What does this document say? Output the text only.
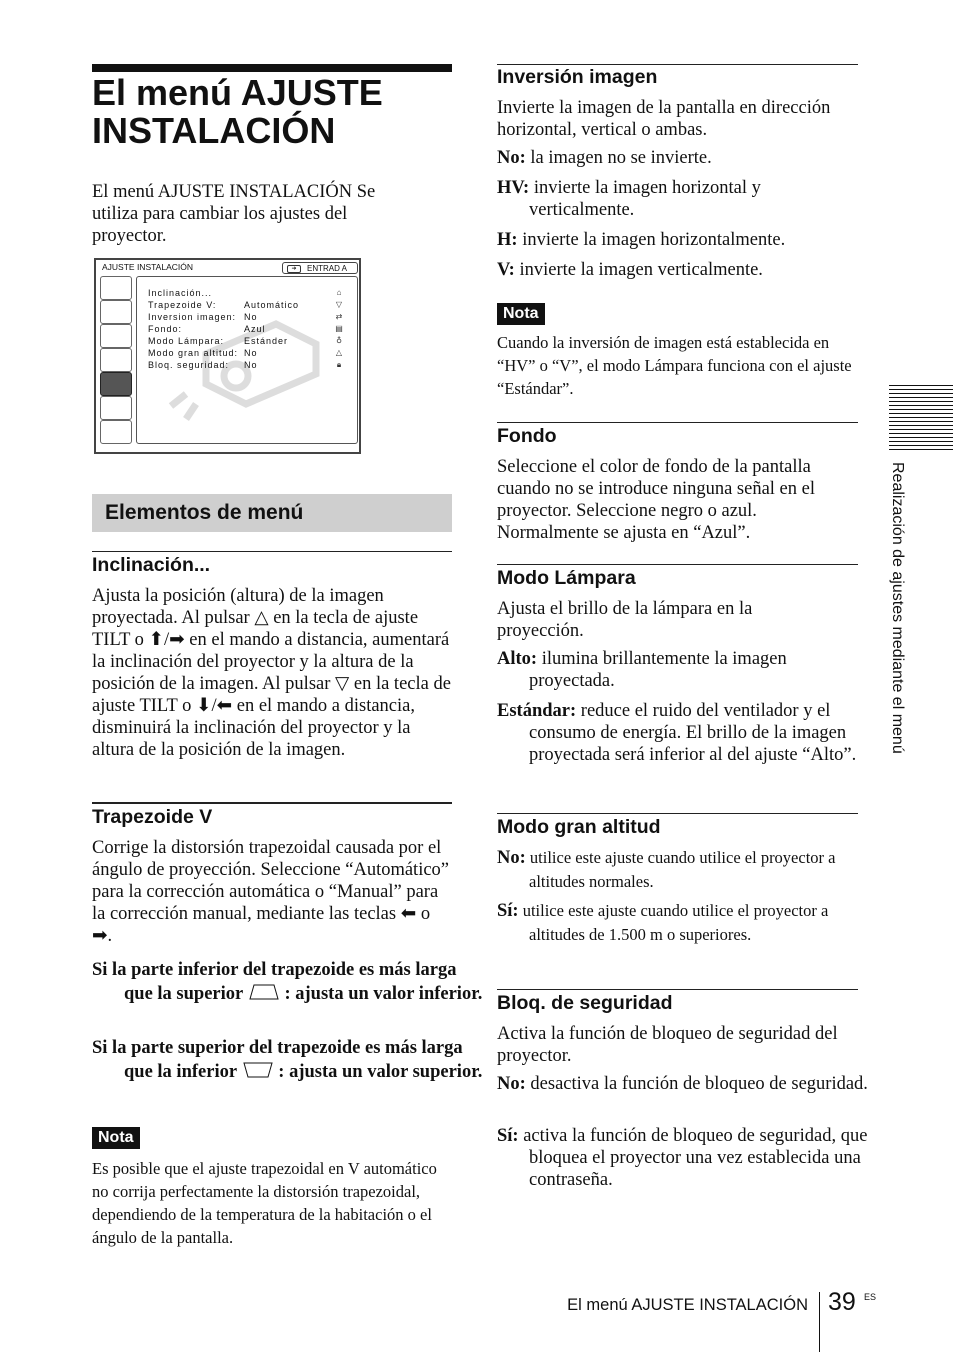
El menú AJUSTE
INSTALACIÓN

El menú AJUSTE INSTALACIÓN Se utiliza para cambiar los ajustes del proyector.

AJUSTE INSTALACIÓN	➜	ENTRAD A
Inclinación...
Trapezoide V:
Inversion imagen:
Fondo:
Modo Lámpara:
Modo gran altitud:
Bloq. seguridad:
Automático
No
Azul
Estánder
No
No
⌂
▽
⇄
▤
♁
△
🔒︎
Elementos de menú
Inclinación...

Ajusta la posición (altura) de la imagen proyectada. Al pulsar △ en la tecla de ajuste TILT o ⬆/➡ en el mando a distancia, aumentará la inclinación del proyector y la altura de la posición de la imagen. Al pulsar ▽ en la tecla de ajuste TILT o ⬇/⬅ en el mando a distancia, disminuirá la inclinación del proyector y la altura de la posición de la imagen.

Trapezoide V

Corrige la distorsión trapezoidal causada por el ángulo de proyección. Seleccione “Automático” para la corrección automática o “Manual” para la corrección manual, mediante las teclas ⬅ o ➡.

Si la parte inferior del trapezoide es más larga que la superior : ajusta un valor inferior.
Si la parte superior del trapezoide es más larga que la inferior : ajusta un valor superior.
Nota

Es posible que el ajuste trapezoidal en V automático no corrija perfectamente la distorsión trapezoidal, dependiendo de la temperatura de la habitación o el ángulo de la pantalla.

Inversión imagen

Invierte la imagen de la pantalla en dirección horizontal, vertical o ambas.

No: la imagen no se invierte.
HV: invierte la imagen horizontal y verticalmente.
H: invierte la imagen horizontalmente.
V: invierte la imagen verticalmente.
Nota

Cuando la inversión de imagen está establecida en “HV” o “V”, el modo Lámpara funciona con el ajuste “Estándar”.

Fondo

Seleccione el color de fondo de la pantalla cuando no se introduce ninguna señal en el proyector. Seleccione negro o azul. Normalmente se ajusta en “Azul”.

Modo Lámpara

Ajusta el brillo de la lámpara en la proyección.

Alto: ilumina brillantemente la imagen proyectada.
Estándar: reduce el ruido del ventilador y el consumo de energía. El brillo de la imagen proyectada será inferior al del ajuste “Alto”.
Modo gran altitud
No: utilice este ajuste cuando utilice el proyector a altitudes normales.
Sí: utilice este ajuste cuando utilice el proyector a altitudes de 1.500 m o superiores.
Bloq. de seguridad

Activa la función de bloqueo de seguridad del proyector.

No: desactiva la función de bloqueo de seguridad.
Sí: activa la función de bloqueo de seguridad, que bloquea el proyector una vez establecida una contraseña.
Realización de ajustes mediante el menú
El menú AJUSTE INSTALACIÓN 39 ES
